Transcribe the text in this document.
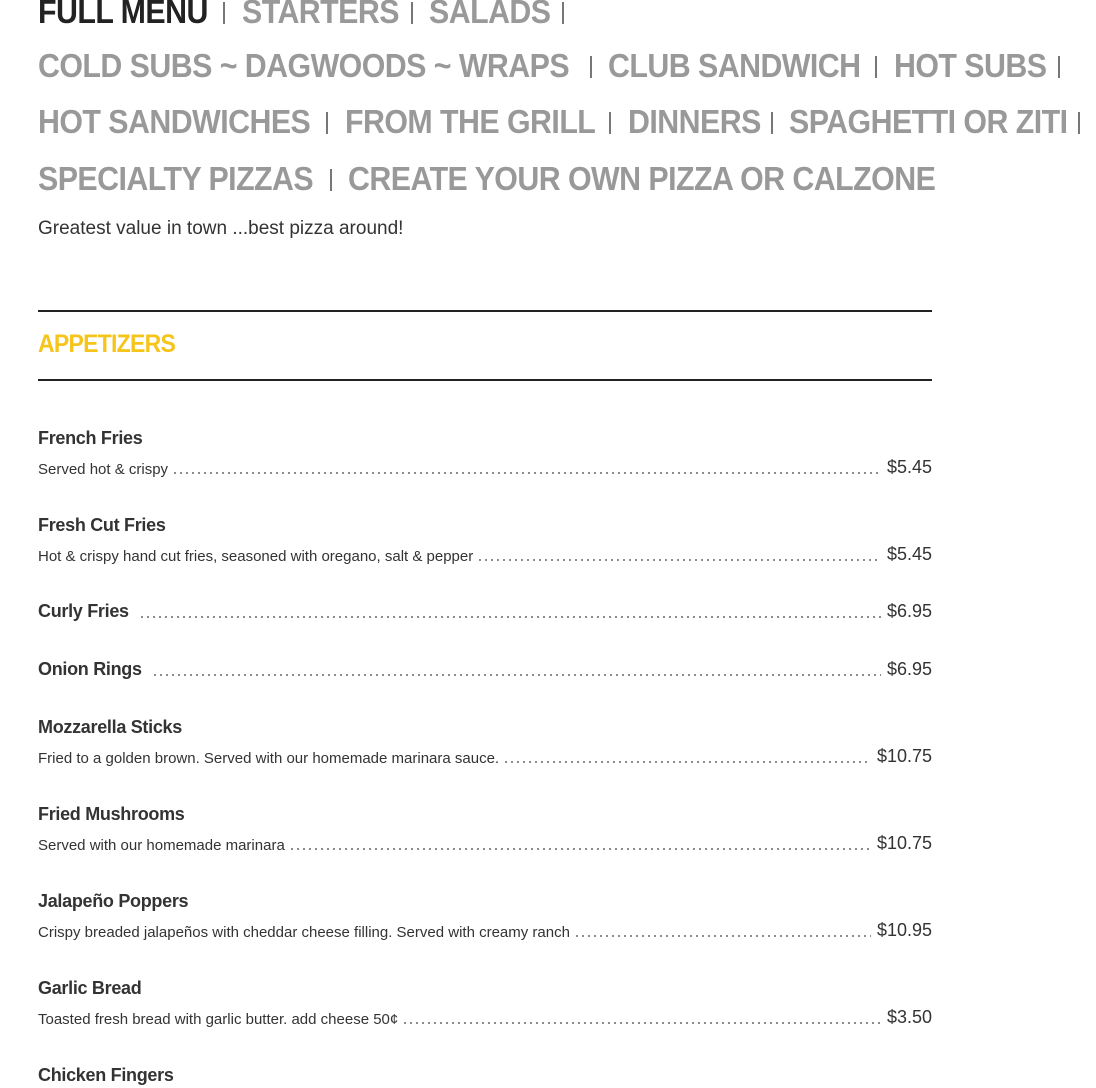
FULL MENU STARTERS SALADS
COLD SUBS ~ DAGWOODS ~ WRAPS CLUB SANDWICH HOT SUBS
HOT SANDWICHES FROM THE GRILL DINNERS SPAGHETTI OR ZITI
SPECIALTY PIZZAS CREATE YOUR OWN PIZZA OR CALZONE
Greatest value in town ...best pizza around!
APPETIZERS
French Fries
Served hot & crispy	$5.45
Fresh Cut Fries
Hot & crispy hand cut fries, seasoned with oregano, salt & pepper	$5.45
Curly Fries	$6.95
Onion Rings	$6.95
Mozzarella Sticks
Fried to a golden brown. Served with our homemade marinara sauce.	$10.75
Fried Mushrooms
Served with our homemade marinara	$10.75
Jalapeño Poppers
Crispy breaded jalapeños with cheddar cheese filling. Served with creamy ranch	$10.95
Garlic Bread
Toasted fresh bread with garlic butter. add cheese 50¢	$3.50
Chicken Fingers
